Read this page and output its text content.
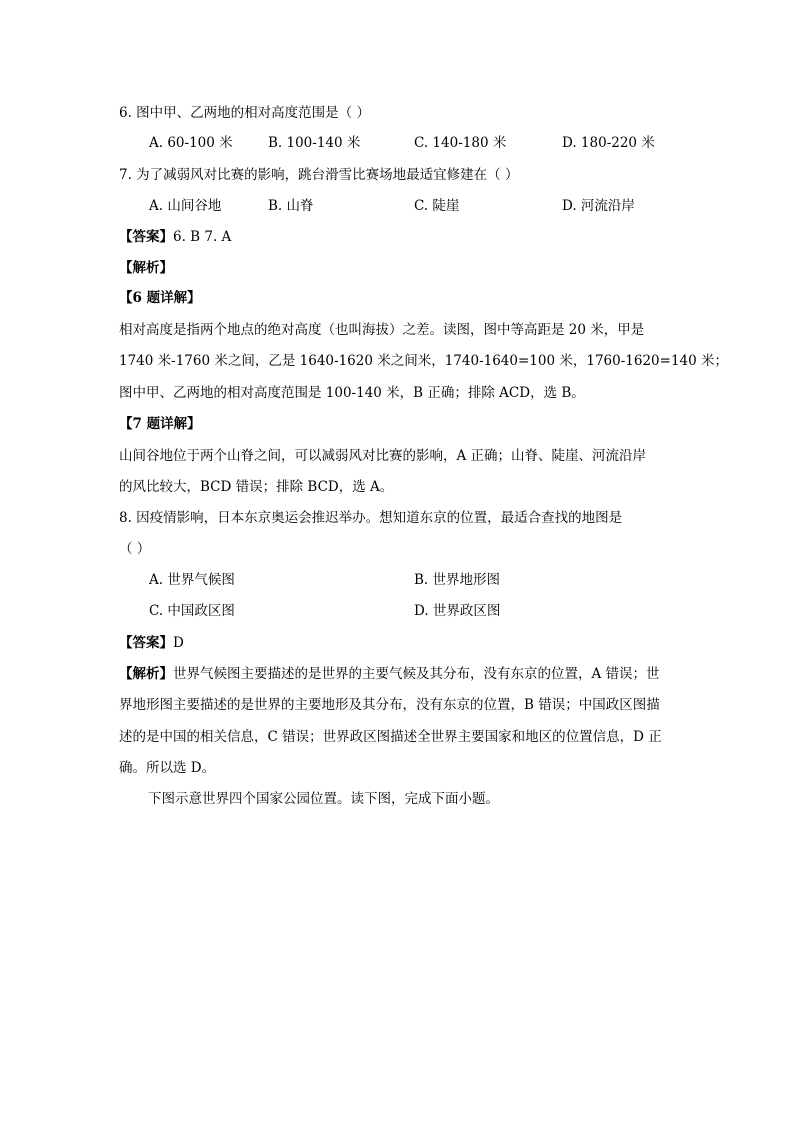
6. 图中甲、乙两地的相对高度范围是（ ）
A. 60-100 米	B. 100-140 米	C. 140-180 米	D. 180-220 米
7. 为了减弱风对比赛的影响，跳台滑雪比赛场地最适宜修建在（ ）
A. 山间谷地	B. 山脊	C. 陡崖	D. 河流沿岸
【答案】6. B 7. A
【解析】
【6 题详解】
相对高度是指两个地点的绝对高度（也叫海拔）之差。读图，图中等高距是 20 米，甲是
1740 米-1760 米之间，乙是 1640-1620 米之间米，1740-1640=100 米，1760-1620=140 米；
图中甲、乙两地的相对高度范围是 100-140 米，B 正确；排除 ACD，选 B。
【7 题详解】
山间谷地位于两个山脊之间，可以减弱风对比赛的影响，A 正确；山脊、陡崖、河流沿岸
的风比较大，BCD 错误；排除 BCD，选 A。
8. 因疫情影响，日本东京奥运会推迟举办。想知道东京的位置，最适合查找的地图是
（ ）
A. 世界气候图	B. 世界地形图
C. 中国政区图	D. 世界政区图
【答案】D
【解析】世界气候图主要描述的是世界的主要气候及其分布，没有东京的位置，A 错误；世
界地形图主要描述的是世界的主要地形及其分布，没有东京的位置，B 错误；中国政区图描
述的是中国的相关信息，C 错误；世界政区图描述全世界主要国家和地区的位置信息，D 正
确。所以选 D。
下图示意世界四个国家公园位置。读下图，完成下面小题。
